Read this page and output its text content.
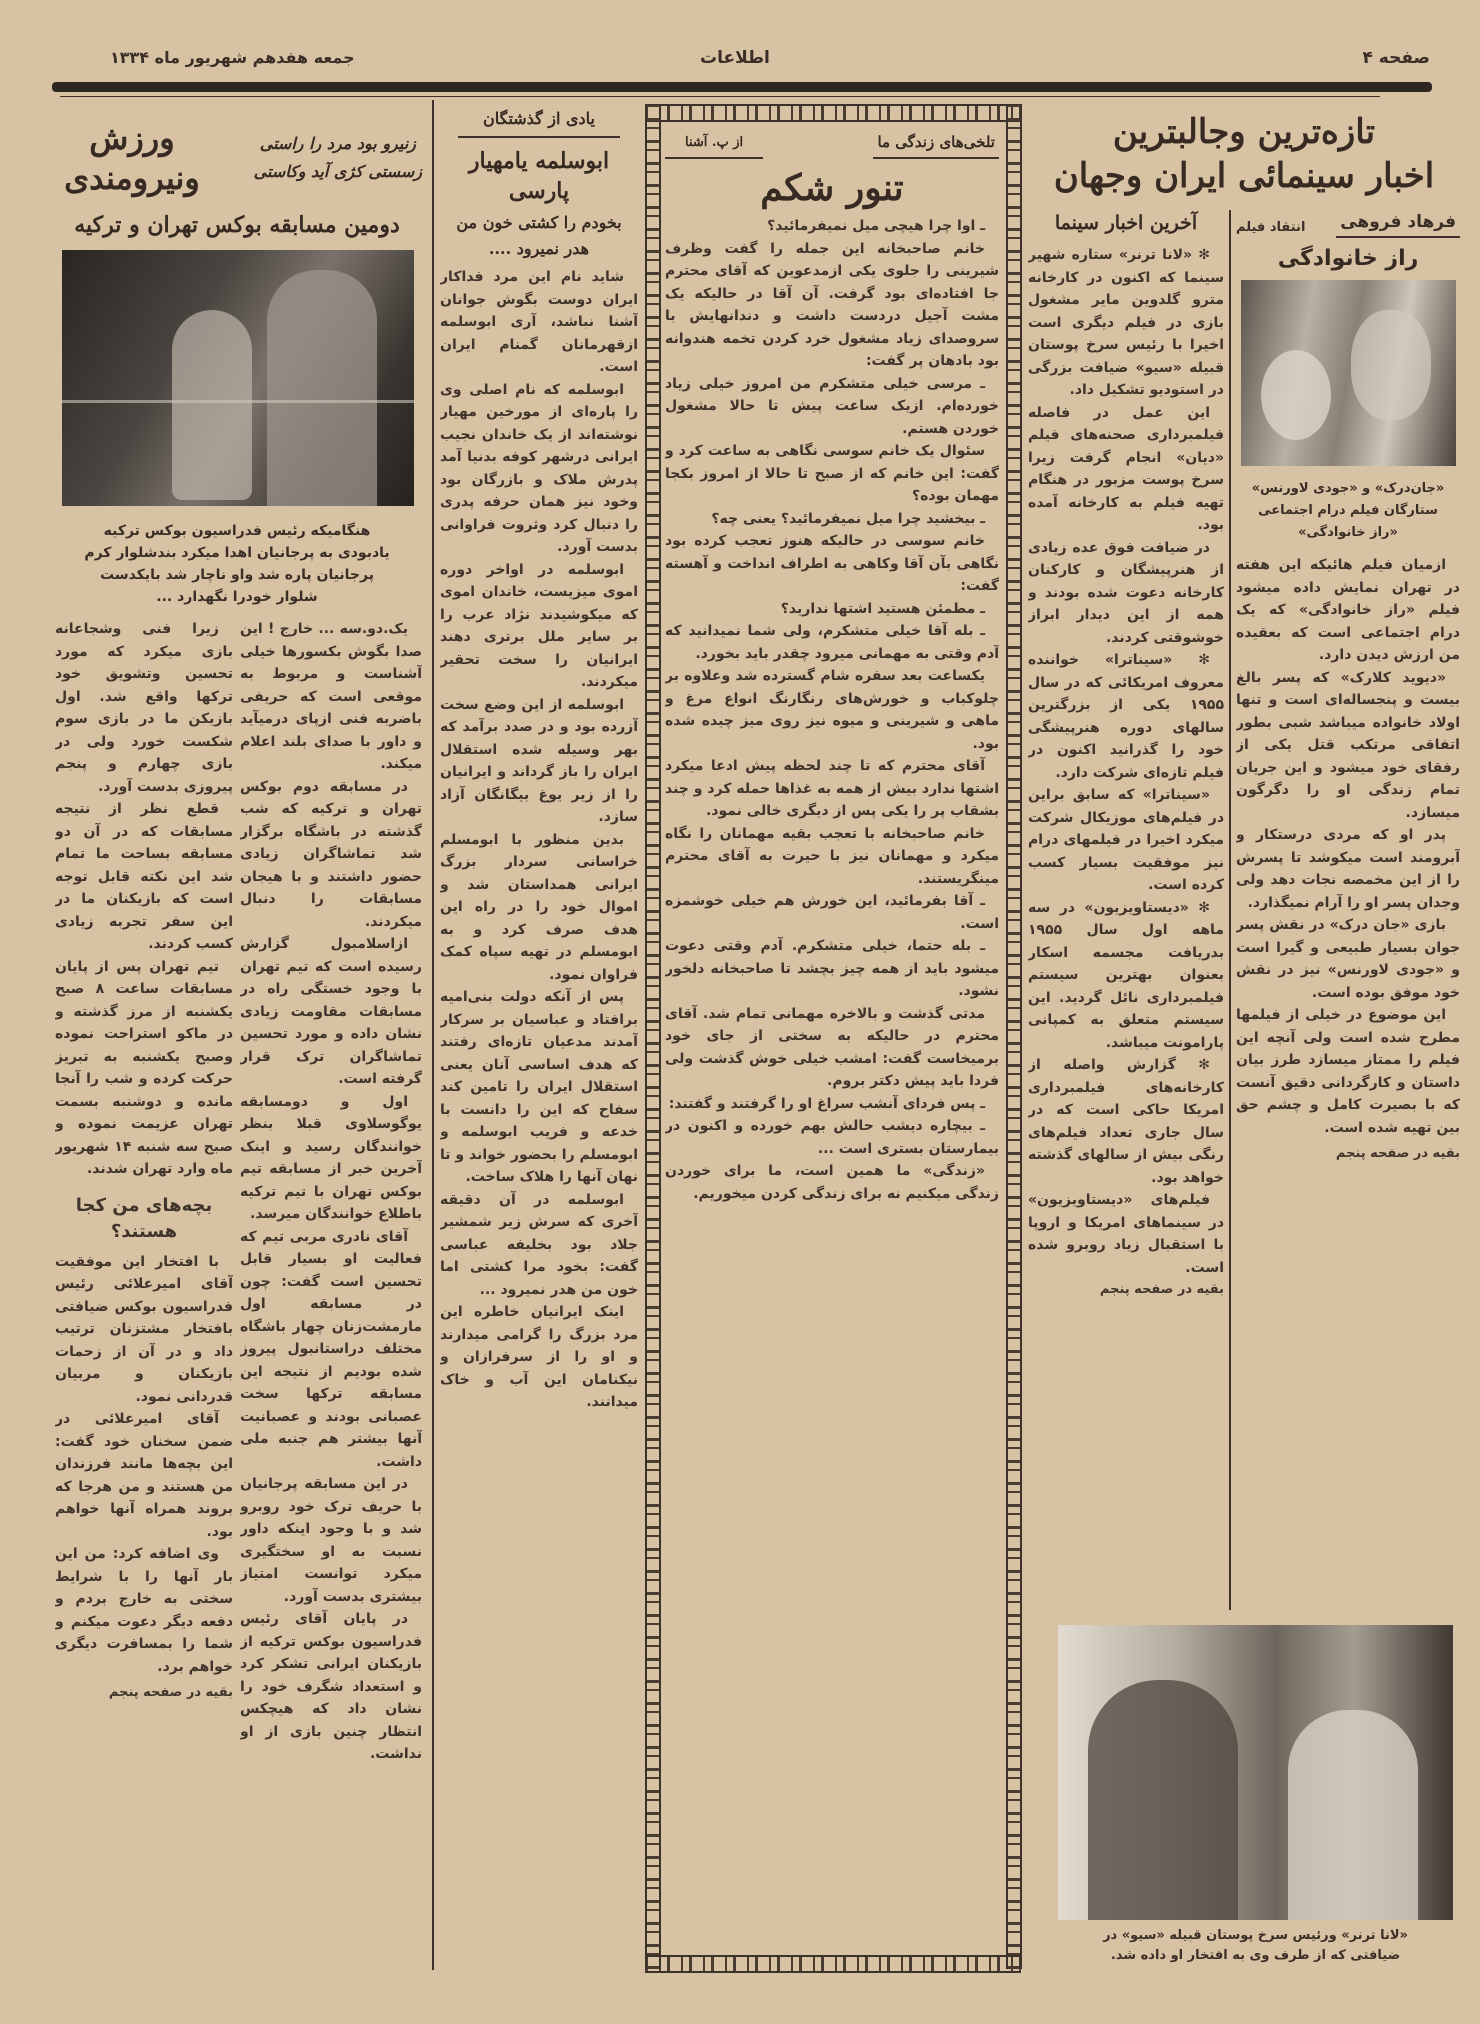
صفحه ۴
اطلاعات
جمعه هفدهم شهریور ماه ۱۳۳۴
زنیرو بود مرد را راستی
زسستی کژی آید وکاستی
ورزش ونیرومندی
دومین مسابقه بوکس تهران و ترکیه
هنگامیکه رئیس فدراسیون بوکس ترکیه یادبودی به پرجانیان اهدا میکرد بندشلوار کرم پرجانیان پاره شد واو ناچار شد بایکدست شلوار خودرا نگهدارد ...

یک.دو.سه ... خارج ! این صدا بگوش بکسورها خیلی آشناست و مربوط به موقعی است که حریفی باضربه فنی ازپای درمیآید و داور با صدای بلند اعلام میکند.

در مسابقه دوم بوکس تهران و ترکیه که شب گذشته در باشگاه برگزار شد تماشاگران زیادی حضور داشتند و با هیجان مسابقات را دنبال میکردند.

ازاسلامبول گزارش رسیده است که تیم تهران با وجود خستگی راه در مسابقات مقاومت زیادی نشان داده و مورد تحسین تماشاگران ترک قرار گرفته است.

اول و دومسابقه یوگوسلاوی قبلا بنظر خوانندگان رسید و اینک آخرین خبر از مسابقه تیم بوکس تهران با تیم ترکیه باطلاع خوانندگان میرسد.

آقای نادری مربی تیم که فعالیت او بسیار قابل تحسین است گفت: چون در مسابقه اول مارمشت‌زنان چهار باشگاه مختلف دراستانبول پیروز شده بودیم از نتیجه این مسابقه ترکها سخت عصبانی بودند و عصبانیت آنها بیشتر هم جنبه ملی داشت.

در این مسابقه پرجانیان با حریف ترک خود روبرو شد و با وجود اینکه داور نسبت به او سختگیری میکرد توانست امتیاز بیشتری بدست آورد.

در پایان آقای رئیس فدراسیون بوکس ترکیه از بازیکنان ایرانی تشکر کرد و استعداد شگرف خود را نشان داد که هیچکس انتظار چنین بازی از او نداشت.

زیرا فنی وشجاعانه بازی میکرد که مورد تحسین وتشویق خود ترکها واقع شد. اول بازیکن ما در بازی سوم شکست خورد ولی در بازی چهارم و پنجم پیروزی بدست آورد.

قطع نظر از نتیجه مسابقات که در آن دو مسابقه بساحت ما تمام شد این نکته قابل توجه است که بازیکنان ما در این سفر تجربه زیادی کسب کردند.

تیم تهران پس از پایان مسابقات ساعت ۸ صبح یکشنبه از مرز گذشته و در ماکو استراحت نموده وصبح یکشنبه به تبریز حرکت کرده و شب را آنجا مانده و دوشنبه بسمت تهران عزیمت نموده و صبح سه شنبه ۱۴ شهریور ماه وارد تهران شدند.

بچه‌های من کجا هستند؟

با افتخار این موفقیت آقای امیرعلائی رئیس فدراسیون بوکس ضیافتی بافتخار مشتزنان ترتیب داد و در آن از زحمات بازیکنان و مربیان قدردانی نمود.

آقای امیرعلائی در ضمن سخنان خود گفت: این بچه‌ها مانند فرزندان من هستند و من هرجا که بروند همراه آنها خواهم بود.

وی اضافه کرد: من این بار آنها را با شرایط سختی به خارج بردم و دفعه دیگر دعوت میکنم و شما را بمسافرت دیگری خواهم برد.

بقیه در صفحه پنجم
یادی از گذشتگان
ابوسلمه یامهیار پارسی
بخودم را کشتی خون من هدر نمیرود ....

شاید نام این مرد فداکار ایران دوست بگوش جوانان آشنا نباشد، آری ابوسلمه ازقهرمانان گمنام ایران است.

ابوسلمه که نام اصلی وی را پاره‌ای از مورخین مهیار نوشته‌اند از یک خاندان نجیب ایرانی درشهر کوفه بدنیا آمد پدرش ملاک و بازرگان بود وخود نیز همان حرفه پدری را دنبال کرد وثروت فراوانی بدست آورد.

ابوسلمه در اواخر دوره اموی میزیست، خاندان اموی که میکوشیدند نژاد عرب را بر سایر ملل برتری دهند ایرانیان را سخت تحقیر میکردند.

ابوسلمه از این وضع سخت آزرده بود و در صدد برآمد که بهر وسیله شده استقلال ایران را باز گرداند و ایرانیان را از زیر یوغ بیگانگان آزاد سازد.

بدین منظور با ابومسلم خراسانی سردار بزرگ ایرانی همداستان شد و اموال خود را در راه این هدف صرف کرد و به ابومسلم در تهیه سپاه کمک فراوان نمود.

پس از آنکه دولت بنی‌امیه برافتاد و عباسیان بر سرکار آمدند مدعیان تازه‌ای رفتند که هدف اساسی آنان یعنی استقلال ایران را تامین کند سفاح که این را دانست با خدعه و فریب ابوسلمه و ابومسلم را بحضور خواند و تا نهان آنها را هلاک ساخت.

ابوسلمه در آن دقیقه آخری که سرش زیر شمشیر جلاد بود بخلیفه عباسی گفت: بخود مرا کشتی اما خون من هدر نمیرود ...

اینک ایرانیان خاطره این مرد بزرگ را گرامی میدارند و او را از سرفرازان و نیکنامان این آب و خاک میدانند.

تلخی‌های زندگی ما
از پ. آشنا
تنور شکم

ـ اوا چرا هیچی میل نمیفرمائید؟

خانم صاحبخانه این جمله را گفت وظرف شیرینی را جلوی یکی ازمدعوین که آقای محترم جا افتاده‌ای بود گرفت. آن آقا در حالیکه یک مشت آجیل دردست داشت و دندانهایش با سروصدای زیاد مشغول خرد کردن تخمه هندوانه بود بادهان پر گفت:

ـ مرسی خیلی متشکرم من امروز خیلی زیاد خورده‌ام. ازیک ساعت پیش تا حالا مشغول خوردن هستم.

سئوال یک خانم سوسی نگاهی به ساعت کرد و گفت: این خانم که از صبح تا حالا از امروز بکجا مهمان بوده؟

ـ بیخشید چرا میل نمیفرمائید؟ یعنی چه؟

خانم سوسی در حالیکه هنوز تعجب کرده بود نگاهی بآن آقا وکاهی به اطراف انداخت و آهسته گفت:

ـ مطمئن هستید اشتها ندارید؟

ـ بله آقا خیلی متشکرم، ولی شما نمیدانید که آدم وقتی به مهمانی میرود چقدر باید بخورد.

یکساعت بعد سفره شام گسترده شد وعلاوه بر چلوکباب و خورش‌های رنگارنگ انواع مرغ و ماهی و شیرینی و میوه نیز روی میز چیده شده بود.

آقای محترم که تا چند لحظه پیش ادعا میکرد اشتها ندارد بیش از همه به غذاها حمله کرد و چند بشقاب پر را یکی پس از دیگری خالی نمود.

خانم صاحبخانه با تعجب بقیه مهمانان را نگاه میکرد و مهمانان نیز با حیرت به آقای محترم مینگریستند.

ـ آقا بفرمائید، این خورش هم خیلی خوشمزه است.

ـ بله حتما، خیلی متشکرم. آدم وقتی دعوت میشود باید از همه چیز بچشد تا صاحبخانه دلخور نشود.

مدتی گذشت و بالاخره مهمانی تمام شد. آقای محترم در حالیکه به سختی از جای خود برمیخاست گفت: امشب خیلی خوش گذشت ولی فردا باید پیش دکتر بروم.

ـ پس فردای آنشب سراغ او را گرفتند و گفتند:

ـ بیچاره دیشب حالش بهم خورده و اکنون در بیمارستان بستری است ...

«زندگی» ما همین است، ما برای خوردن زندگی میکنیم نه برای زندگی کردن میخوریم.

تازه‌ترین وجالبترین
اخبار سینمائی ایران وجهان
آخرین اخبار سینما

✻ «لانا ترنر» ستاره شهیر سینما که اکنون در کارخانه مترو گلدوین مایر مشغول بازی در فیلم دیگری است اخیرا با رئیس سرخ پوستان قبیله «سیو» ضیافت بزرگی در استودیو تشکیل داد.

این عمل در فاصله فیلمبرداری صحنه‌های فیلم «دیان» انجام گرفت زیرا سرخ پوست مزبور در هنگام تهیه فیلم به کارخانه آمده بود.

در ضیافت فوق عده زیادی از هنرپیشگان و کارکنان کارخانه دعوت شده بودند و همه از این دیدار ابراز خوشوقتی کردند.

✻ «سیناترا» خواننده معروف امریکائی که در سال ۱۹۵۵ یکی از بزرگترین سالهای دوره هنرپیشگی خود را گذرانید اکنون در فیلم تازه‌ای شرکت دارد.

«سیناترا» که سابق براین در فیلم‌های موزیکال شرکت میکرد اخیرا در فیلمهای درام نیز موفقیت بسیار کسب کرده است.

✻ «دیستاویزیون» در سه ماهه اول سال ۱۹۵۵ بدریافت مجسمه اسکار بعنوان بهترین سیستم فیلمبرداری نائل گردید. این سیستم متعلق به کمپانی پارامونت میباشد.

✻ گزارش واصله از کارخانه‌های فیلمبرداری امریکا حاکی است که در سال جاری تعداد فیلم‌های رنگی بیش از سالهای گذشته خواهد بود.

فیلم‌های «دیستاویزیون» در سینماهای امریکا و اروپا با استقبال زیاد روبرو شده است.

بقیه در صفحه پنجم
انتقاد فیلم فرهاد فروهی
راز خانوادگی
«جان‌درک» و «جودی لاورنس» ستارگان فیلم درام اجتماعی «راز خانوادگی»

ازمیان فیلم هائیکه این هفته در تهران نمایش داده میشود فیلم «راز خانوادگی» که یک درام اجتماعی است که بعقیده من ارزش دیدن دارد.

«دیوید کلارک» که پسر بالغ بیست و پنجساله‌ای است و تنها اولاد خانواده میباشد شبی بطور اتفاقی مرتکب قتل یکی از رفقای خود میشود و این جریان تمام زندگی او را دگرگون میسازد.

پدر او که مردی درستکار و آبرومند است میکوشد تا پسرش را از این مخمصه نجات دهد ولی وجدان پسر او را آرام نمیگذارد.

بازی «جان درک» در نقش پسر جوان بسیار طبیعی و گیرا است و «جودی لاورنس» نیز در نقش خود موفق بوده است.

این موضوع در خیلی از فیلمها مطرح شده است ولی آنچه این فیلم را ممتاز میسازد طرز بیان داستان و کارگردانی دقیق آنست که با بصیرت کامل و چشم حق بین تهیه شده است.

بقیه در صفحه پنجم
«لانا ترنر» ورئیس سرخ پوستان قبیله «سیو» در ضیافتی که از طرف وی به افتخار او داده شد.
